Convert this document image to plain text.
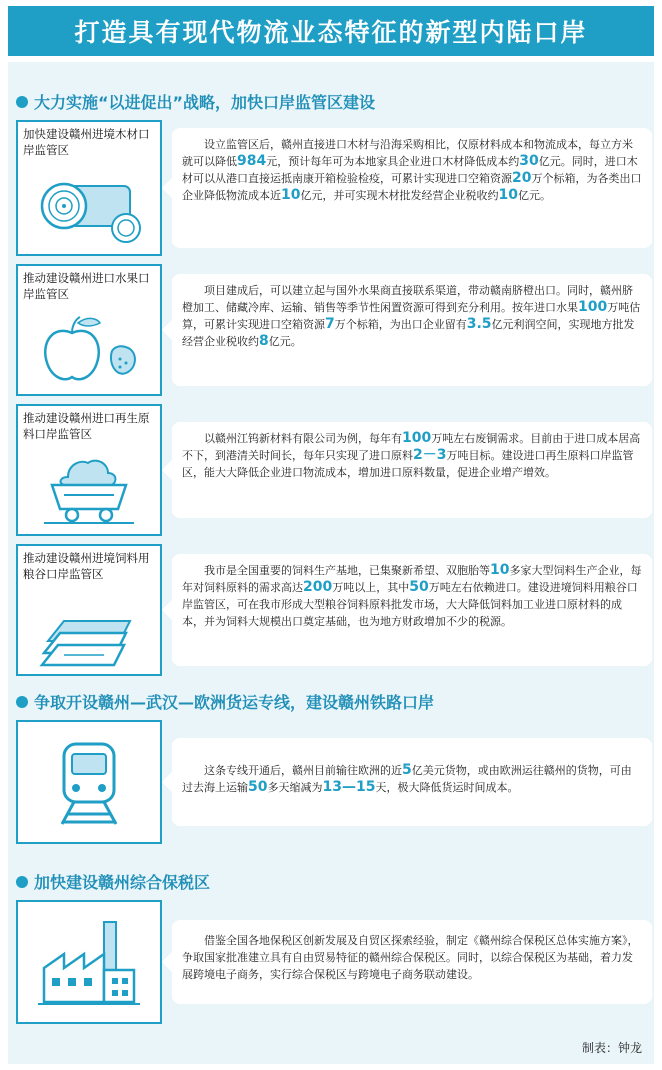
打造具有现代物流业态特征的新型内陆口岸
大力实施“以进促出”战略，加快口岸监管区建设
加快建设赣州进境木材口岸监管区	设立监管区后，赣州直接进口木材与沿海采购相比，仅原材料成本和物流成本，每立方米就可以降低984元，预计每年可为本地家具企业进口木材降低成本约30亿元。同时，进口木材可以从港口直接运抵南康开箱检验检疫，可累计实现进口空箱资源20万个标箱，为各类出口企业降低物流成本近10亿元，并可实现木材批发经营企业税收约10亿元。
推动建设赣州进口水果口岸监管区	项目建成后，可以建立起与国外水果商直接联系渠道，带动赣南脐橙出口。同时，赣州脐橙加工、储藏冷库、运输、销售等季节性闲置资源可得到充分利用。按年进口水果100万吨估算，可累计实现进口空箱资源7万个标箱，为出口企业留有3.5亿元利润空间，实现地方批发经营企业税收约8亿元。
推动建设赣州进口再生原料口岸监管区	以赣州江钨新材料有限公司为例，每年有100万吨左右废铜需求。目前由于进口成本居高不下，到港清关时间长，每年只实现了进口原料2－3万吨目标。建设进口再生原料口岸监管区，能大大降低企业进口物流成本，增加进口原料数量，促进企业增产增效。
推动建设赣州进境饲料用粮谷口岸监管区	我市是全国重要的饲料生产基地，已集聚新希望、双胞胎等10多家大型饲料生产企业，每年对饲料原料的需求高达200万吨以上，其中50万吨左右依赖进口。建设进境饲料用粮谷口岸监管区，可在我市形成大型粮谷饲料原料批发市场，大大降低饲料加工业进口原材料的成本，并为饲料大规模出口奠定基础，也为地方财政增加不少的税源。
争取开设赣州—武汉—欧洲货运专线，建设赣州铁路口岸
这条专线开通后，赣州目前输往欧洲的近5亿美元货物，或由欧洲运往赣州的货物，可由过去海上运输50多天缩减为13—15天，极大降低货运时间成本。
加快建设赣州综合保税区
借鉴全国各地保税区创新发展及自贸区探索经验，制定《赣州综合保税区总体实施方案》，争取国家批准建立具有自由贸易特征的赣州综合保税区。同时，以综合保税区为基础，着力发展跨境电子商务，实行综合保税区与跨境电子商务联动建设。
制表：钟龙
